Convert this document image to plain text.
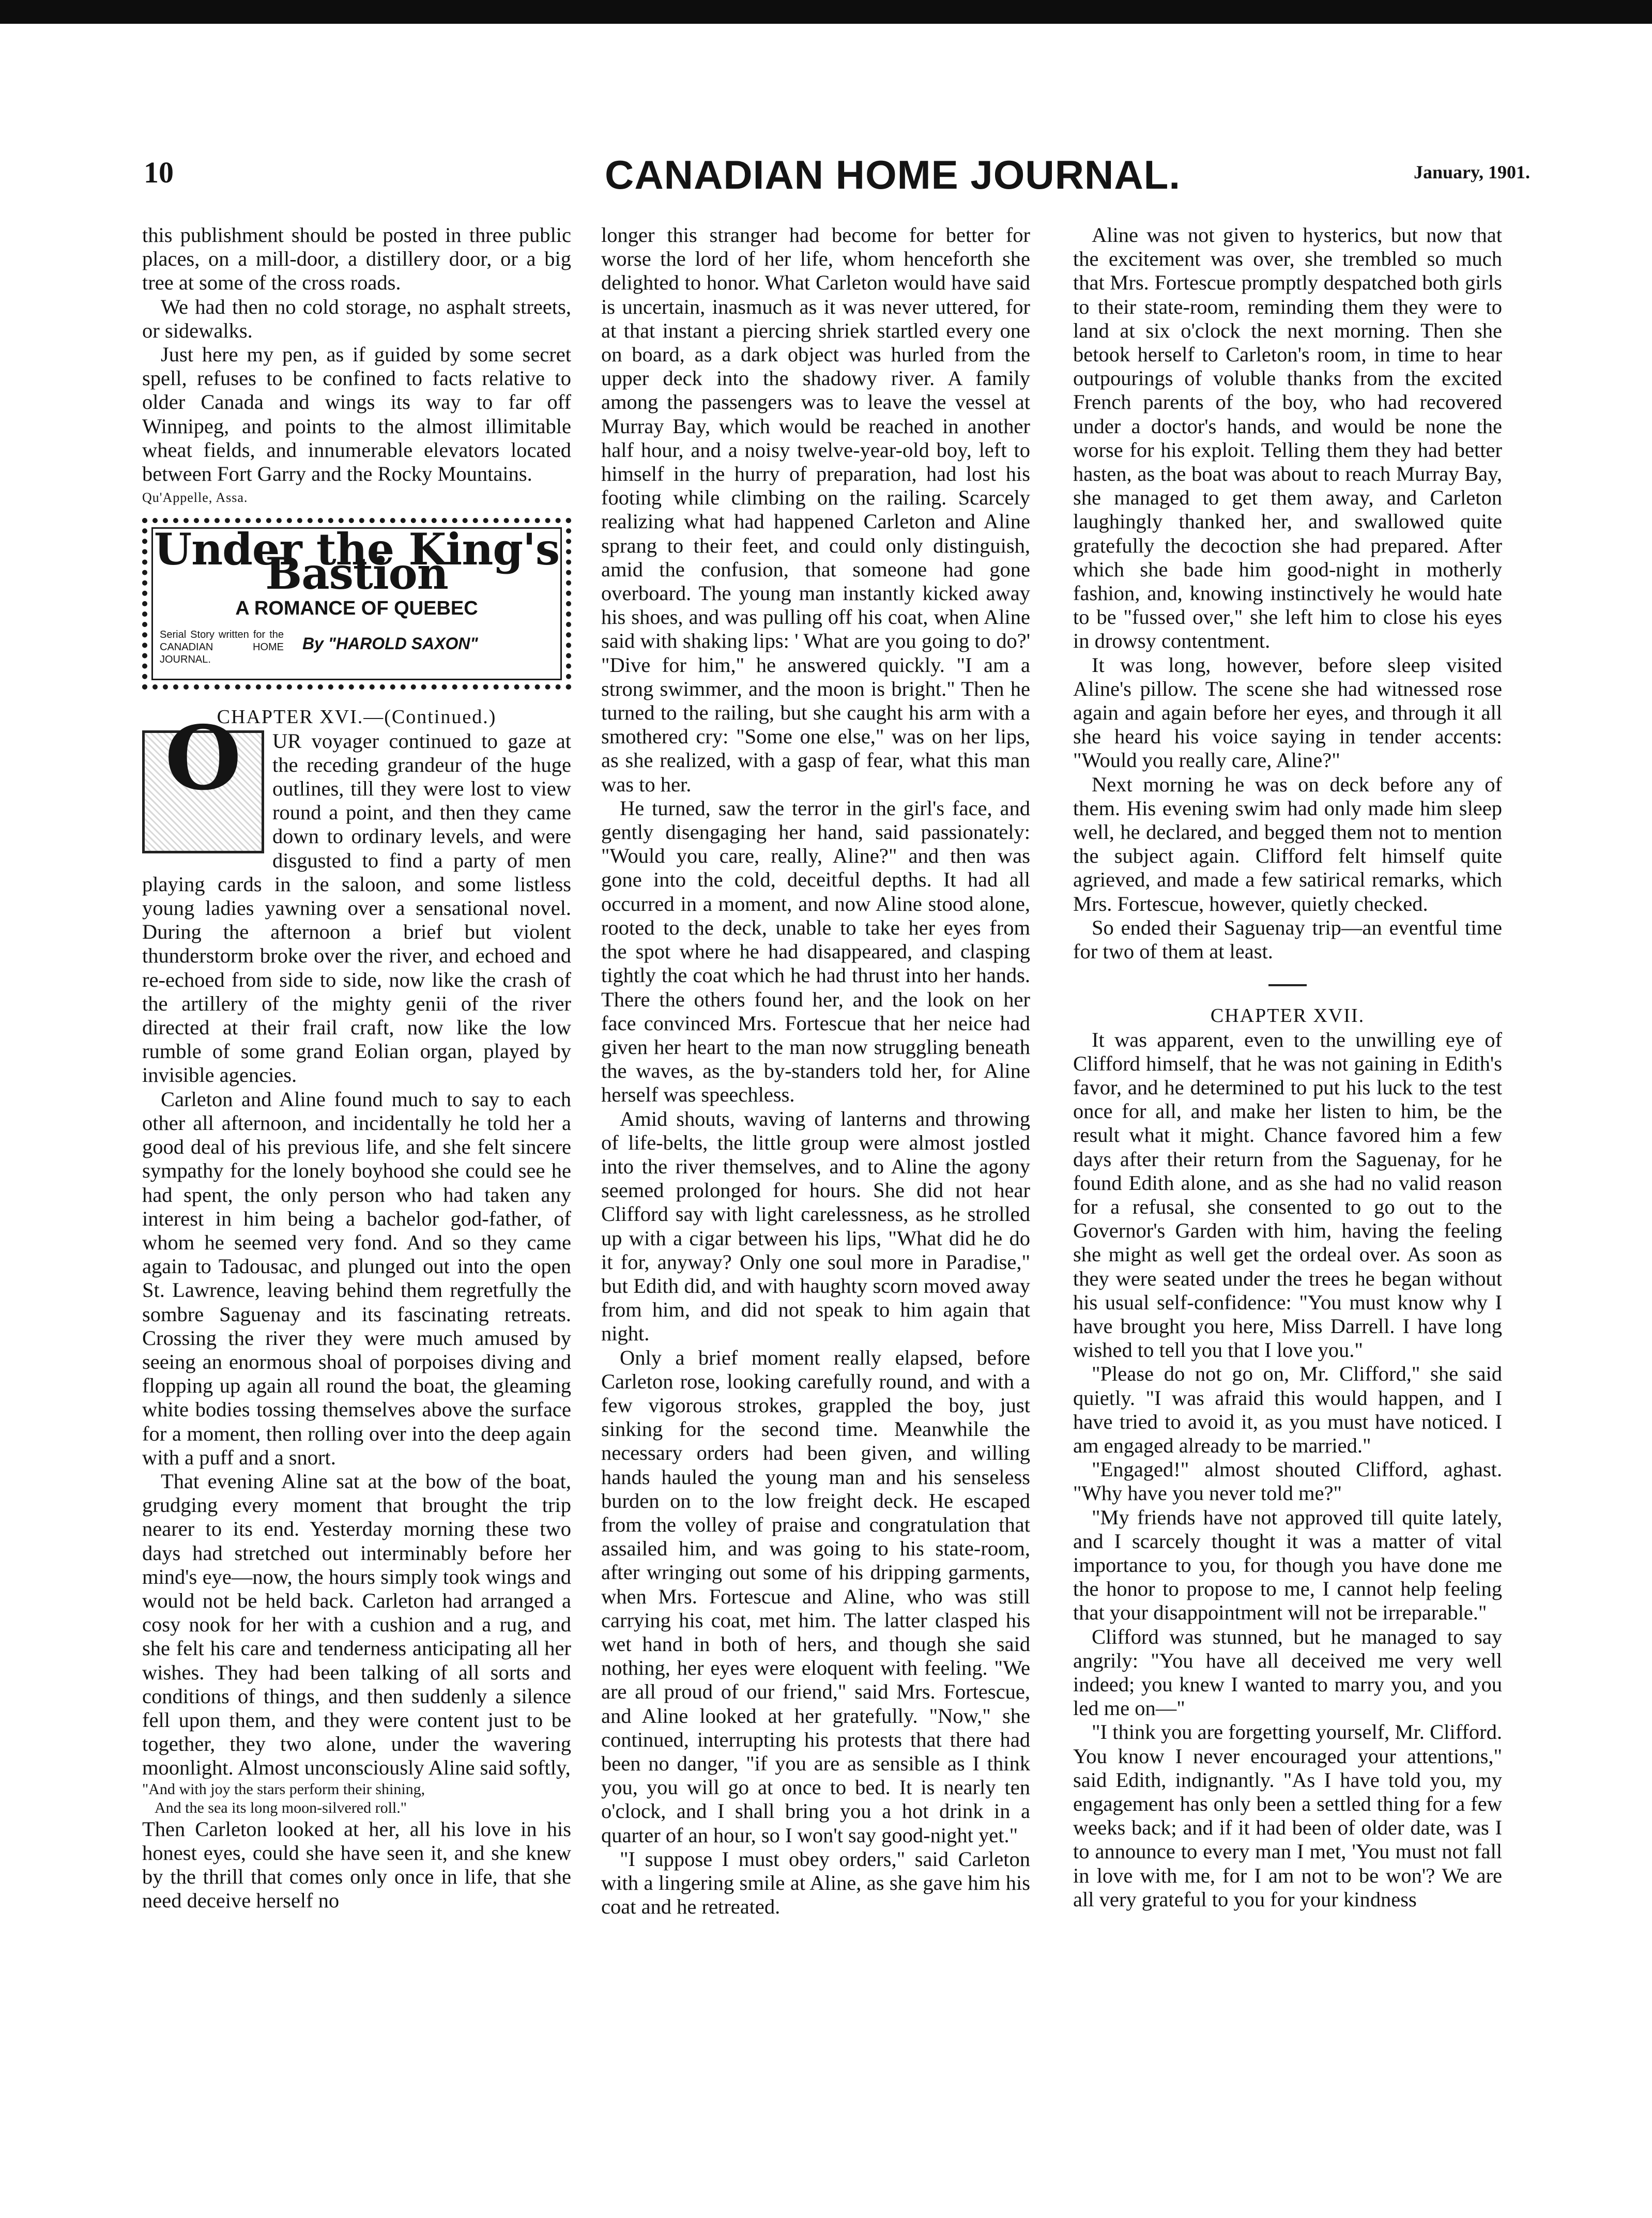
10	CANADIAN HOME JOURNAL.	January, 1901.

this publishment should be posted in three public places, on a mill-door, a distillery door, or a big tree at some of the cross roads.

We had then no cold storage, no asphalt streets, or sidewalks.

Just here my pen, as if guided by some secret spell, refuses to be confined to facts relative to older Canada and wings its way to far off Winnipeg, and points to the almost illimitable wheat fields, and innumerable elevators located between Fort Garry and the Rocky Mountains.

Qu'Appelle, Assa.

Under the King's Bastion
A ROMANCE OF QUEBEC
Serial Story written for the CANADIAN HOME JOURNAL.
By "HAROLD SAXON"

CHAPTER XVI.—(Continued.)

O	UR voyager continued to gaze at the receding grandeur of the huge outlines, till they were lost to view round a point, and then they came down to ordinary levels, and were disgusted to find a party of men playing cards in the saloon, and some listless young ladies yawning over a sensational novel. During the afternoon a brief but violent thunderstorm broke over the river, and echoed and re-echoed from side to side, now like the crash of the artillery of the mighty genii of the river directed at their frail craft, now like the low rumble of some grand Eolian organ, played by invisible agencies.

Carleton and Aline found much to say to each other all afternoon, and incidentally he told her a good deal of his previous life, and she felt sincere sympathy for the lonely boyhood she could see he had spent, the only person who had taken any interest in him being a bachelor god-father, of whom he seemed very fond. And so they came again to Tadousac, and plunged out into the open St. Lawrence, leaving behind them regretfully the sombre Saguenay and its fascinating retreats. Crossing the river they were much amused by seeing an enormous shoal of porpoises diving and flopping up again all round the boat, the gleaming white bodies tossing themselves above the surface for a moment, then rolling over into the deep again with a puff and a snort.

That evening Aline sat at the bow of the boat, grudging every moment that brought the trip nearer to its end. Yesterday morning these two days had stretched out interminably before her mind's eye—now, the hours simply took wings and would not be held back. Carleton had arranged a cosy nook for her with a cushion and a rug, and she felt his care and tenderness anticipating all her wishes. They had been talking of all sorts and conditions of things, and then suddenly a silence fell upon them, and they were content just to be together, they two alone, under the wavering moonlight. Almost unconsciously Aline said softly,

"And with joy the stars perform their shining,
And the sea its long moon-silvered roll."

Then Carleton looked at her, all his love in his honest eyes, could she have seen it, and she knew by the thrill that comes only once in life, that she need deceive herself no

longer this stranger had become for better for worse the lord of her life, whom henceforth she delighted to honor. What Carleton would have said is uncertain, inasmuch as it was never uttered, for at that instant a piercing shriek startled every one on board, as a dark object was hurled from the upper deck into the shadowy river. A family among the passengers was to leave the vessel at Murray Bay, which would be reached in another half hour, and a noisy twelve-year-old boy, left to himself in the hurry of preparation, had lost his footing while climbing on the railing. Scarcely realizing what had happened Carleton and Aline sprang to their feet, and could only distinguish, amid the confusion, that someone had gone overboard. The young man instantly kicked away his shoes, and was pulling off his coat, when Aline said with shaking lips: ' What are you going to do?' "Dive for him," he answered quickly. "I am a strong swimmer, and the moon is bright." Then he turned to the railing, but she caught his arm with a smothered cry: "Some one else," was on her lips, as she realized, with a gasp of fear, what this man was to her.

He turned, saw the terror in the girl's face, and gently disengaging her hand, said passionately: "Would you care, really, Aline?" and then was gone into the cold, deceitful depths. It had all occurred in a moment, and now Aline stood alone, rooted to the deck, unable to take her eyes from the spot where he had disappeared, and clasping tightly the coat which he had thrust into her hands. There the others found her, and the look on her face convinced Mrs. Fortescue that her neice had given her heart to the man now struggling beneath the waves, as the by-standers told her, for Aline herself was speechless.

Amid shouts, waving of lanterns and throwing of life-belts, the little group were almost jostled into the river themselves, and to Aline the agony seemed prolonged for hours. She did not hear Clifford say with light carelessness, as he strolled up with a cigar between his lips, "What did he do it for, anyway? Only one soul more in Paradise," but Edith did, and with haughty scorn moved away from him, and did not speak to him again that night.

Only a brief moment really elapsed, before Carleton rose, looking carefully round, and with a few vigorous strokes, grappled the boy, just sinking for the second time. Meanwhile the necessary orders had been given, and willing hands hauled the young man and his senseless burden on to the low freight deck. He escaped from the volley of praise and congratulation that assailed him, and was going to his state-room, after wringing out some of his dripping garments, when Mrs. Fortescue and Aline, who was still carrying his coat, met him. The latter clasped his wet hand in both of hers, and though she said nothing, her eyes were eloquent with feeling. "We are all proud of our friend," said Mrs. Fortescue, and Aline looked at her gratefully. "Now," she continued, interrupting his protests that there had been no danger, "if you are as sensible as I think you, you will go at once to bed. It is nearly ten o'clock, and I shall bring you a hot drink in a quarter of an hour, so I won't say good-night yet."

"I suppose I must obey orders," said Carleton with a lingering smile at Aline, as she gave him his coat and he retreated.

Aline was not given to hysterics, but now that the excitement was over, she trembled so much that Mrs. Fortescue promptly despatched both girls to their state-room, reminding them they were to land at six o'clock the next morning. Then she betook herself to Carleton's room, in time to hear outpourings of voluble thanks from the excited French parents of the boy, who had recovered under a doctor's hands, and would be none the worse for his exploit. Telling them they had better hasten, as the boat was about to reach Murray Bay, she managed to get them away, and Carleton laughingly thanked her, and swallowed quite gratefully the decoction she had prepared. After which she bade him good-night in motherly fashion, and, knowing instinctively he would hate to be "fussed over," she left him to close his eyes in drowsy contentment.

It was long, however, before sleep visited Aline's pillow. The scene she had witnessed rose again and again before her eyes, and through it all she heard his voice saying in tender accents: "Would you really care, Aline?"

Next morning he was on deck before any of them. His evening swim had only made him sleep well, he declared, and begged them not to mention the subject again. Clifford felt himself quite agrieved, and made a few satirical remarks, which Mrs. Fortescue, however, quietly checked.

So ended their Saguenay trip—an eventful time for two of them at least.

CHAPTER XVII.

It was apparent, even to the unwilling eye of Clifford himself, that he was not gaining in Edith's favor, and he determined to put his luck to the test once for all, and make her listen to him, be the result what it might. Chance favored him a few days after their return from the Saguenay, for he found Edith alone, and as she had no valid reason for a refusal, she consented to go out to the Governor's Garden with him, having the feeling she might as well get the ordeal over. As soon as they were seated under the trees he began without his usual self-confidence: "You must know why I have brought you here, Miss Darrell. I have long wished to tell you that I love you."

"Please do not go on, Mr. Clifford," she said quietly. "I was afraid this would happen, and I have tried to avoid it, as you must have noticed. I am engaged already to be married."

"Engaged!" almost shouted Clifford, aghast. "Why have you never told me?"

"My friends have not approved till quite lately, and I scarcely thought it was a matter of vital importance to you, for though you have done me the honor to propose to me, I cannot help feeling that your disappointment will not be irreparable."

Clifford was stunned, but he managed to say angrily: "You have all deceived me very well indeed; you knew I wanted to marry you, and you led me on—"

"I think you are forgetting yourself, Mr. Clifford. You know I never encouraged your attentions," said Edith, indignantly. "As I have told you, my engagement has only been a settled thing for a few weeks back; and if it had been of older date, was I to announce to every man I met, 'You must not fall in love with me, for I am not to be won'? We are all very grateful to you for your kindness
